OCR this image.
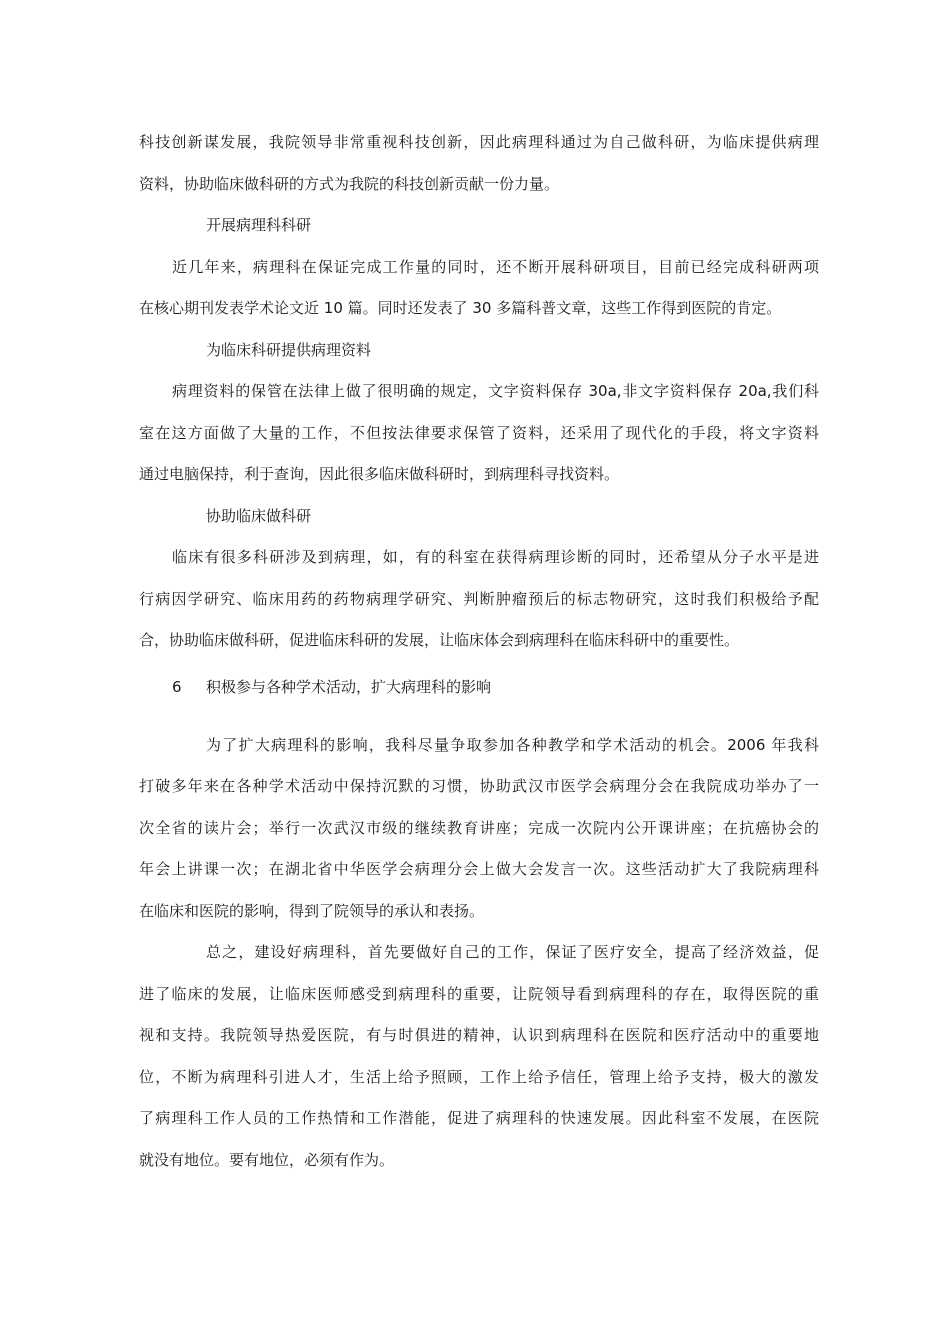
科技创新谋发展，我院领导非常重视科技创新，因此病理科通过为自己做科研，为临床提供病理
资料，协助临床做科研的方式为我院的科技创新贡献一份力量。
开展病理科科研
近几年来，病理科在保证完成工作量的同时，还不断开展科研项目，目前已经完成科研两项
在核心期刊发表学术论文近 10 篇。同时还发表了 30 多篇科普文章，这些工作得到医院的肯定。
为临床科研提供病理资料
病理资料的保管在法律上做了很明确的规定，文字资料保存 30a,非文字资料保存 20a,我们科
室在这方面做了大量的工作，不但按法律要求保管了资料，还采用了现代化的手段，将文字资料
通过电脑保持，利于查询，因此很多临床做科研时，到病理科寻找资料。
协助临床做科研
临床有很多科研涉及到病理，如，有的科室在获得病理诊断的同时，还希望从分子水平是进
行病因学研究、临床用药的药物病理学研究、判断肿瘤预后的标志物研究，这时我们积极给予配
合，协助临床做科研，促进临床科研的发展，让临床体会到病理科在临床科研中的重要性。
6 积极参与各种学术活动，扩大病理科的影响
为了扩大病理科的影响，我科尽量争取参加各种教学和学术活动的机会。2006 年我科
打破多年来在各种学术活动中保持沉默的习惯，协助武汉市医学会病理分会在我院成功举办了一
次全省的读片会；举行一次武汉市级的继续教育讲座；完成一次院内公开课讲座；在抗癌协会的
年会上讲课一次；在湖北省中华医学会病理分会上做大会发言一次。这些活动扩大了我院病理科
在临床和医院的影响，得到了院领导的承认和表扬。
总之，建设好病理科，首先要做好自己的工作，保证了医疗安全，提高了经济效益，促
进了临床的发展，让临床医师感受到病理科的重要，让院领导看到病理科的存在，取得医院的重
视和支持。我院领导热爱医院，有与时俱进的精神，认识到病理科在医院和医疗活动中的重要地
位，不断为病理科引进人才，生活上给予照顾，工作上给予信任，管理上给予支持，极大的激发
了病理科工作人员的工作热情和工作潜能，促进了病理科的快速发展。因此科室不发展，在医院
就没有地位。要有地位，必须有作为。
